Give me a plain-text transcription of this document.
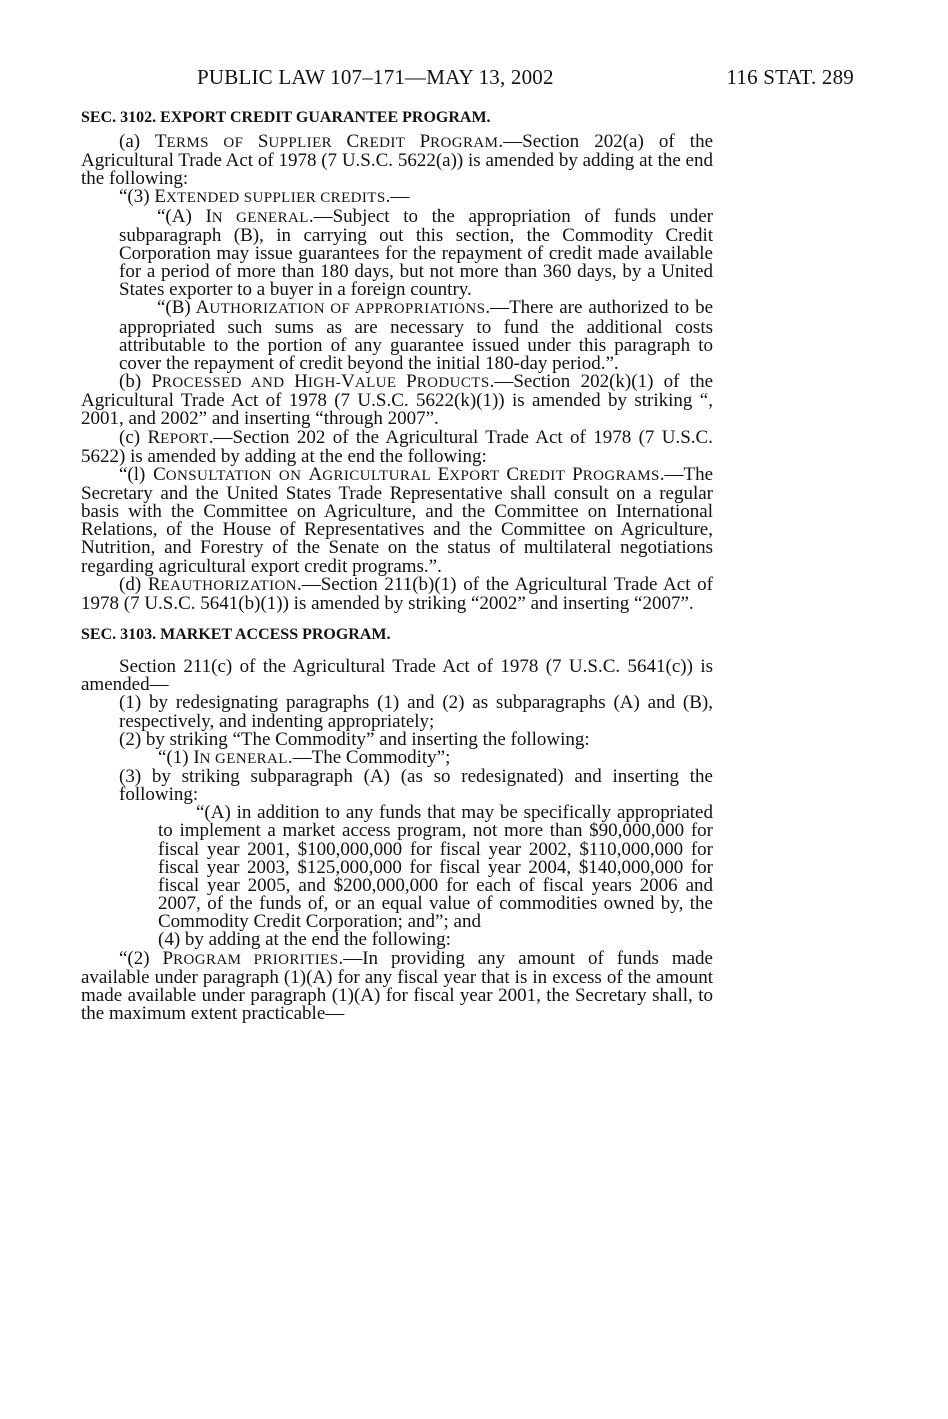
PUBLIC LAW 107–171—MAY 13, 2002	116 STAT. 289

SEC. 3102. EXPORT CREDIT GUARANTEE PROGRAM.

(a) TERMS OF SUPPLIER CREDIT PROGRAM.—Section 202(a) of the Agricultural Trade Act of 1978 (7 U.S.C. 5622(a)) is amended by adding at the end the following:

“(3) EXTENDED SUPPLIER CREDITS.—

“(A) IN GENERAL.—Subject to the appropriation of funds under subparagraph (B), in carrying out this section, the Commodity Credit Corporation may issue guarantees for the repayment of credit made available for a period of more than 180 days, but not more than 360 days, by a United States exporter to a buyer in a foreign country.

“(B) AUTHORIZATION OF APPROPRIATIONS.—There are authorized to be appropriated such sums as are necessary to fund the additional costs attributable to the portion of any guarantee issued under this paragraph to cover the repayment of credit beyond the initial 180-day period.”.

(b) PROCESSED AND HIGH-VALUE PRODUCTS.—Section 202(k)(1) of the Agricultural Trade Act of 1978 (7 U.S.C. 5622(k)(1)) is amended by striking “, 2001, and 2002” and inserting “through 2007”.

(c) REPORT.—Section 202 of the Agricultural Trade Act of 1978 (7 U.S.C. 5622) is amended by adding at the end the following:

“(l) CONSULTATION ON AGRICULTURAL EXPORT CREDIT PROGRAMS.—The Secretary and the United States Trade Representative shall consult on a regular basis with the Committee on Agriculture, and the Committee on International Relations, of the House of Representatives and the Committee on Agriculture, Nutrition, and Forestry of the Senate on the status of multilateral negotiations regarding agricultural export credit programs.”.

(d) REAUTHORIZATION.—Section 211(b)(1) of the Agricultural Trade Act of 1978 (7 U.S.C. 5641(b)(1)) is amended by striking “2002” and inserting “2007”.

SEC. 3103. MARKET ACCESS PROGRAM.

Section 211(c) of the Agricultural Trade Act of 1978 (7 U.S.C. 5641(c)) is amended—

(1) by redesignating paragraphs (1) and (2) as subparagraphs (A) and (B), respectively, and indenting appropriately;

(2) by striking “The Commodity” and inserting the following:

“(1) IN GENERAL.—The Commodity”;

(3) by striking subparagraph (A) (as so redesignated) and inserting the following:

“(A) in addition to any funds that may be specifically appropriated to implement a market access program, not more than $90,000,000 for fiscal year 2001, $100,000,000 for fiscal year 2002, $110,000,000 for fiscal year 2003, $125,000,000 for fiscal year 2004, $140,000,000 for fiscal year 2005, and $200,000,000 for each of fiscal years 2006 and 2007, of the funds of, or an equal value of commodities owned by, the Commodity Credit Corporation; and”; and

(4) by adding at the end the following:

“(2) PROGRAM PRIORITIES.—In providing any amount of funds made available under paragraph (1)(A) for any fiscal year that is in excess of the amount made available under paragraph (1)(A) for fiscal year 2001, the Secretary shall, to the maximum extent practicable—
